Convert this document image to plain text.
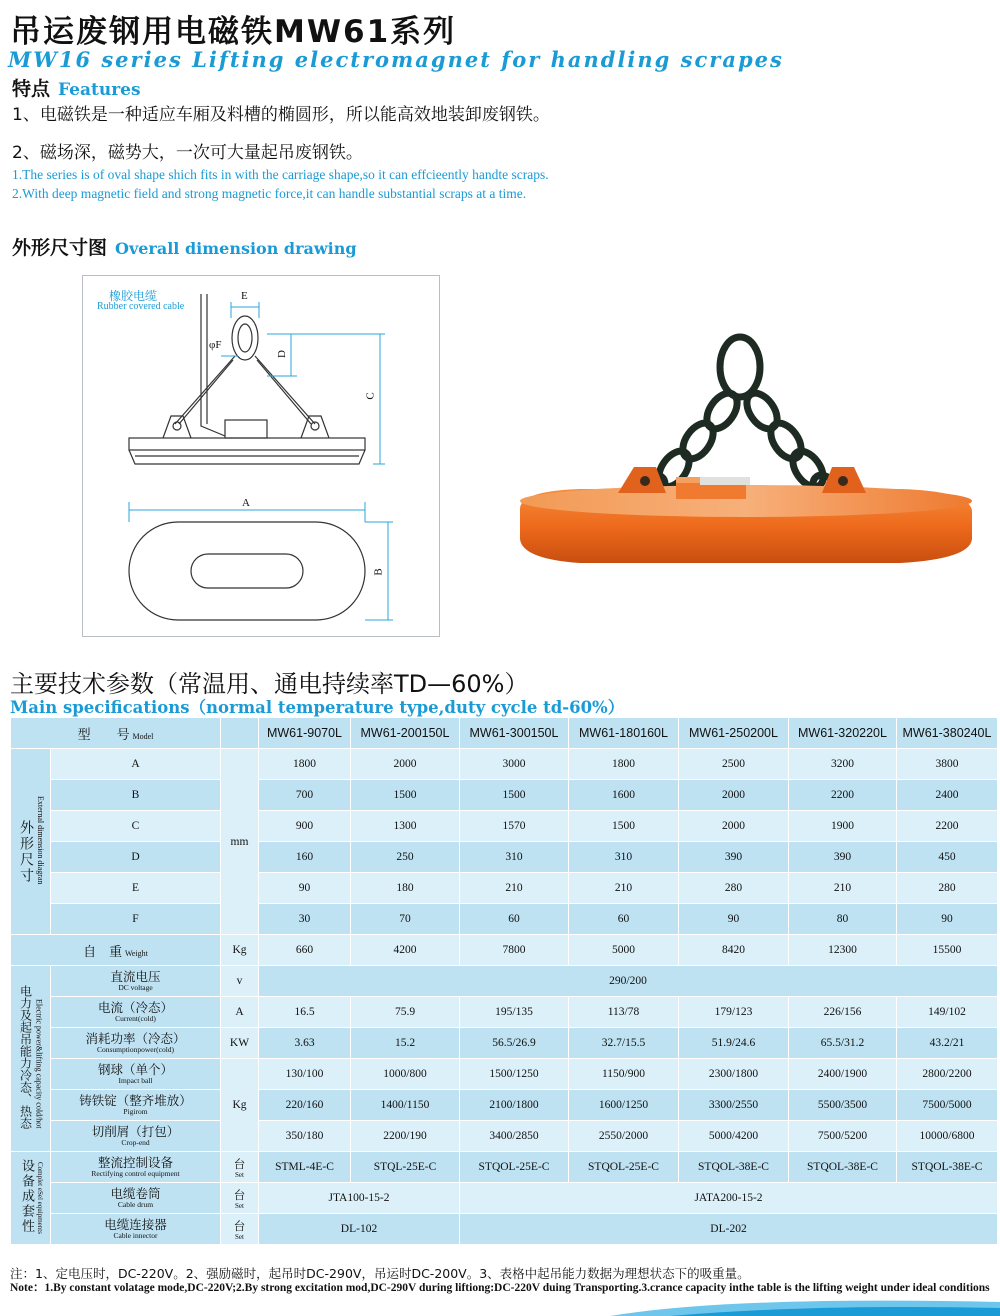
吊运废钢用电磁铁MW61系列
MW16 series Lifting electromagnet for handling scrapes
特点 Features
1、电磁铁是一种适应车厢及料槽的椭圆形，所以能高效地装卸废钢铁。
2、磁场深，磁势大，一次可大量起吊废钢铁。
1.The series is of oval shape shich fits in with the carriage shape,so it can effcieently handte scraps.
2.With deep magnetic field and strong magnetic force,it can handle substantial scraps at a time.
外形尺寸图 Overall dimension drawing
橡胶电缆
Rubber covered cable
E
φF
D
C
A
B
主要技术参数（常温用、通电持续率TD—60%）
Main specifications（normal temperature type,duty cycle td-60%）
型　　号 Model			MW61-9070L	MW61-200150L	MW61-300150L	MW61-180160L	MW61-250200L	MW61-320220L	MW61-380240L
外形尺寸 External dimension diagran	A	mm	1800	2000	3000	1800	2500	3200	3800
	B		700	1500	1500	1600	2000	2200	2400
	C		900	1300	1570	1500	2000	1900	2200
	D		160	250	310	310	390	390	450
	E		90	180	210	210	280	210	280
	F		30	70	60	60	90	80	90
自　重 Weight		Kg	660	4200	7800	5000	8420	12300	15500
电力及起吊能力冷态、热态 Electric power&lifting capacity cold/hot	直流电压
DC voltage	v	290/200						

	电流（冷态）
Current(cold)	A	16.5	75.9	195/135	113/78	179/123	226/156	149/102

	消耗功率（冷态）
Consumptionpower(cold)	KW	3.63	15.2	56.5/26.9	32.7/15.5	51.9/24.6	65.5/31.2	43.2/21

	钢球（单个）
Impact ball	Kg	130/100	1000/800	1500/1250	1150/900	2300/1800	2400/1900	2800/2200

	铸铁锭（整齐堆放）
Pigirom		220/160	1400/1150	2100/1800	1600/1250	3300/2550	5500/3500	7500/5000

	切削屑（打包）
Crop-end		350/180	2200/190	3400/2850	2550/2000	5000/4200	7500/5200	10000/6800
设备成套性 Complet eSel equipments	整流控制设备
Rectifying control equipment	台
Set	STML-4E-C	STQL-25E-C	STQOL-25E-C	STQOL-25E-C	STQOL-38E-C	STQOL-38E-C	STQOL-38E-C

	电缆卷筒
Cable drum	台
Set	JTA100-15-2		JATA200-15-2				

	电缆连接器
Cable innector	台
Set	DL-102		DL-202				
注：1、定电压时，DC-220V。2、强励磁时，起吊时DC-290V，吊运时DC-200V。3、表格中起吊能力数据为理想状态下的吸重量。
Note：1.By constant volatage mode,DC-220V;2.By strong excitation mod,DC-290V during liftiong:DC-220V duing Transporting.3.crance capacity inthe table is the lifting weight under ideal conditions
